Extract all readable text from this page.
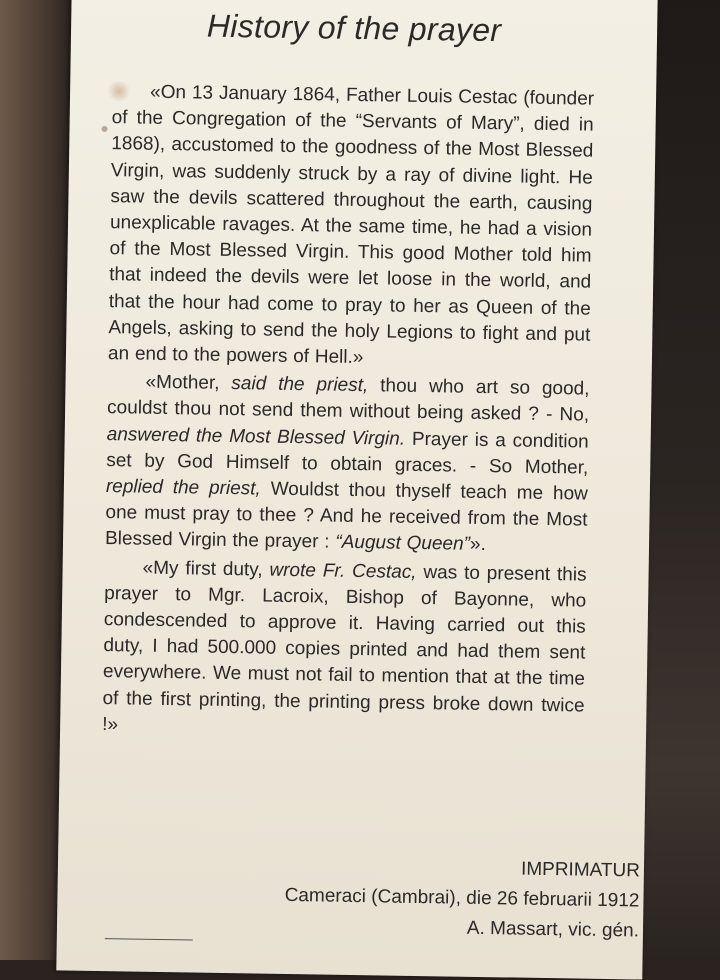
History of the prayer

«On 13 January 1864, Father Louis Cestac (founder of the Congregation of the “Servants of Mary”, died in 1868), accustomed to the goodness of the Most Blessed Virgin, was suddenly struck by a ray of divine light. He saw the devils scattered throughout the earth, causing unexplicable ravages. At the same time, he had a vision of the Most Blessed Virgin. This good Mother told him that indeed the devils were let loose in the world, and that the hour had come to pray to her as Queen of the Angels, asking to send the holy Legions to fight and put an end to the powers of Hell.»

«Mother, said the priest, thou who art so good, couldst thou not send them without being asked ? - No, answered the Most Blessed Virgin. Prayer is a condition set by God Himself to obtain graces. - So Mother, replied the priest, Wouldst thou thyself teach me how one must pray to thee ? And he received from the Most Blessed Virgin the prayer : “August Queen”».

«My first duty, wrote Fr. Cestac, was to present this prayer to Mgr. Lacroix, Bishop of Bayonne, who condescended to approve it. Having carried out this duty, I had 500.000 copies printed and had them sent everywhere. We must not fail to mention that at the time of the first printing, the printing press broke down twice !»

IMPRIMATUR
Cameraci (Cambrai), die 26 februarii 1912
A. Massart, vic. gén.
